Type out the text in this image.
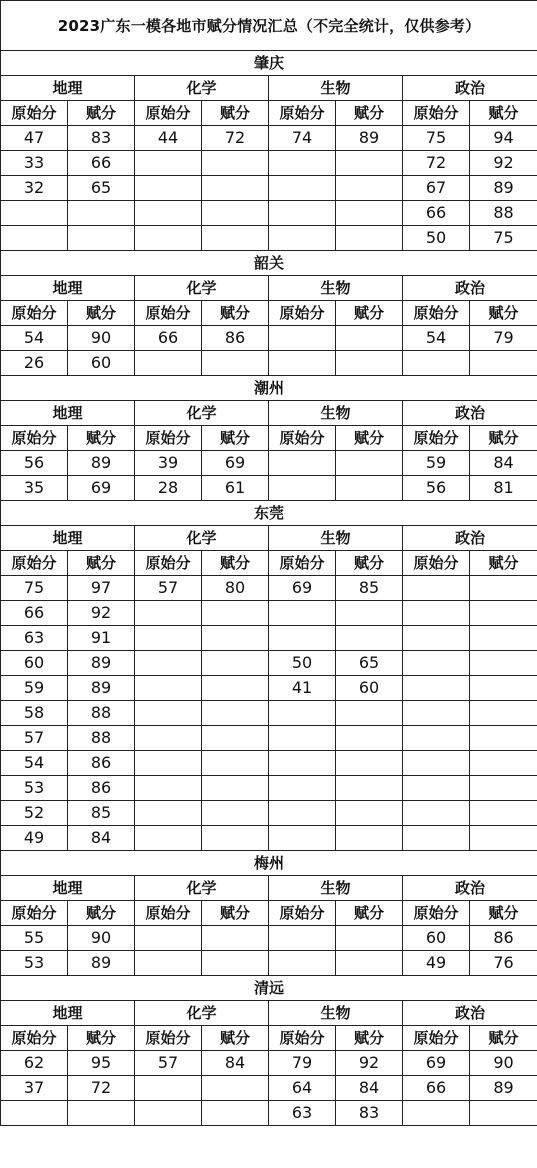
2023广东一模各地市赋分情况汇总（不完全统计，仅供参考）							
肇庆							
地理		化学		生物		政治	
原始分	赋分	原始分	赋分	原始分	赋分	原始分	赋分
47	83	44	72	74	89	75	94
33	66					72	92
32	65					67	89
						66	88
						50	75
韶关							
地理		化学		生物		政治	
原始分	赋分	原始分	赋分	原始分	赋分	原始分	赋分
54	90	66	86			54	79
26	60						
潮州							
地理		化学		生物		政治	
原始分	赋分	原始分	赋分	原始分	赋分	原始分	赋分
56	89	39	69			59	84
35	69	28	61			56	81
东莞							
地理		化学		生物		政治	
原始分	赋分	原始分	赋分	原始分	赋分	原始分	赋分
75	97	57	80	69	85		
66	92						
63	91						
60	89			50	65		
59	89			41	60		
58	88						
57	88						
54	86						
53	86						
52	85						
49	84						
梅州							
地理		化学		生物		政治	
原始分	赋分	原始分	赋分	原始分	赋分	原始分	赋分
55	90					60	86
53	89					49	76
清远							
地理		化学		生物		政治	
原始分	赋分	原始分	赋分	原始分	赋分	原始分	赋分
62	95	57	84	79	92	69	90
37	72			64	84	66	89
				63	83		
